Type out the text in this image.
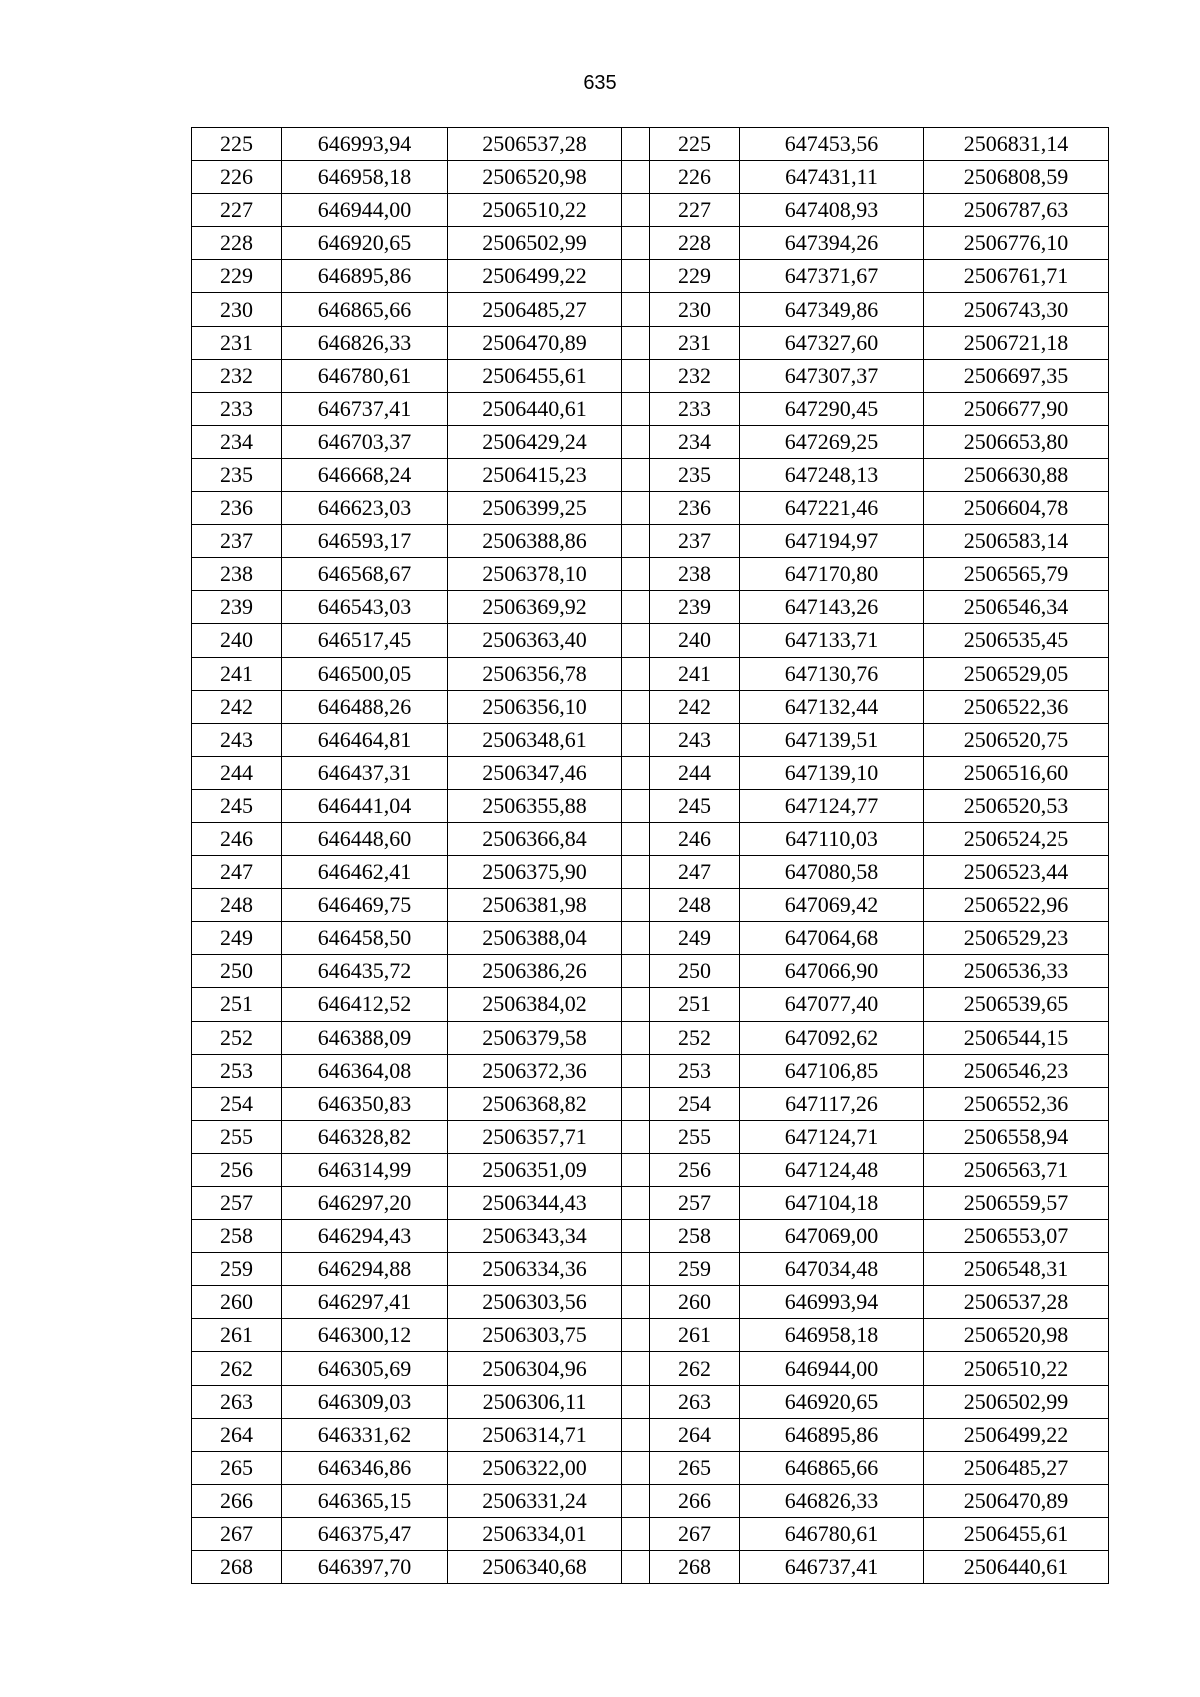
635
225	646993,94	2506537,28		225	647453,56	2506831,14
226	646958,18	2506520,98		226	647431,11	2506808,59
227	646944,00	2506510,22		227	647408,93	2506787,63
228	646920,65	2506502,99		228	647394,26	2506776,10
229	646895,86	2506499,22		229	647371,67	2506761,71
230	646865,66	2506485,27		230	647349,86	2506743,30
231	646826,33	2506470,89		231	647327,60	2506721,18
232	646780,61	2506455,61		232	647307,37	2506697,35
233	646737,41	2506440,61		233	647290,45	2506677,90
234	646703,37	2506429,24		234	647269,25	2506653,80
235	646668,24	2506415,23		235	647248,13	2506630,88
236	646623,03	2506399,25		236	647221,46	2506604,78
237	646593,17	2506388,86		237	647194,97	2506583,14
238	646568,67	2506378,10		238	647170,80	2506565,79
239	646543,03	2506369,92		239	647143,26	2506546,34
240	646517,45	2506363,40		240	647133,71	2506535,45
241	646500,05	2506356,78		241	647130,76	2506529,05
242	646488,26	2506356,10		242	647132,44	2506522,36
243	646464,81	2506348,61		243	647139,51	2506520,75
244	646437,31	2506347,46		244	647139,10	2506516,60
245	646441,04	2506355,88		245	647124,77	2506520,53
246	646448,60	2506366,84		246	647110,03	2506524,25
247	646462,41	2506375,90		247	647080,58	2506523,44
248	646469,75	2506381,98		248	647069,42	2506522,96
249	646458,50	2506388,04		249	647064,68	2506529,23
250	646435,72	2506386,26		250	647066,90	2506536,33
251	646412,52	2506384,02		251	647077,40	2506539,65
252	646388,09	2506379,58		252	647092,62	2506544,15
253	646364,08	2506372,36		253	647106,85	2506546,23
254	646350,83	2506368,82		254	647117,26	2506552,36
255	646328,82	2506357,71		255	647124,71	2506558,94
256	646314,99	2506351,09		256	647124,48	2506563,71
257	646297,20	2506344,43		257	647104,18	2506559,57
258	646294,43	2506343,34		258	647069,00	2506553,07
259	646294,88	2506334,36		259	647034,48	2506548,31
260	646297,41	2506303,56		260	646993,94	2506537,28
261	646300,12	2506303,75		261	646958,18	2506520,98
262	646305,69	2506304,96		262	646944,00	2506510,22
263	646309,03	2506306,11		263	646920,65	2506502,99
264	646331,62	2506314,71		264	646895,86	2506499,22
265	646346,86	2506322,00		265	646865,66	2506485,27
266	646365,15	2506331,24		266	646826,33	2506470,89
267	646375,47	2506334,01		267	646780,61	2506455,61
268	646397,70	2506340,68		268	646737,41	2506440,61
